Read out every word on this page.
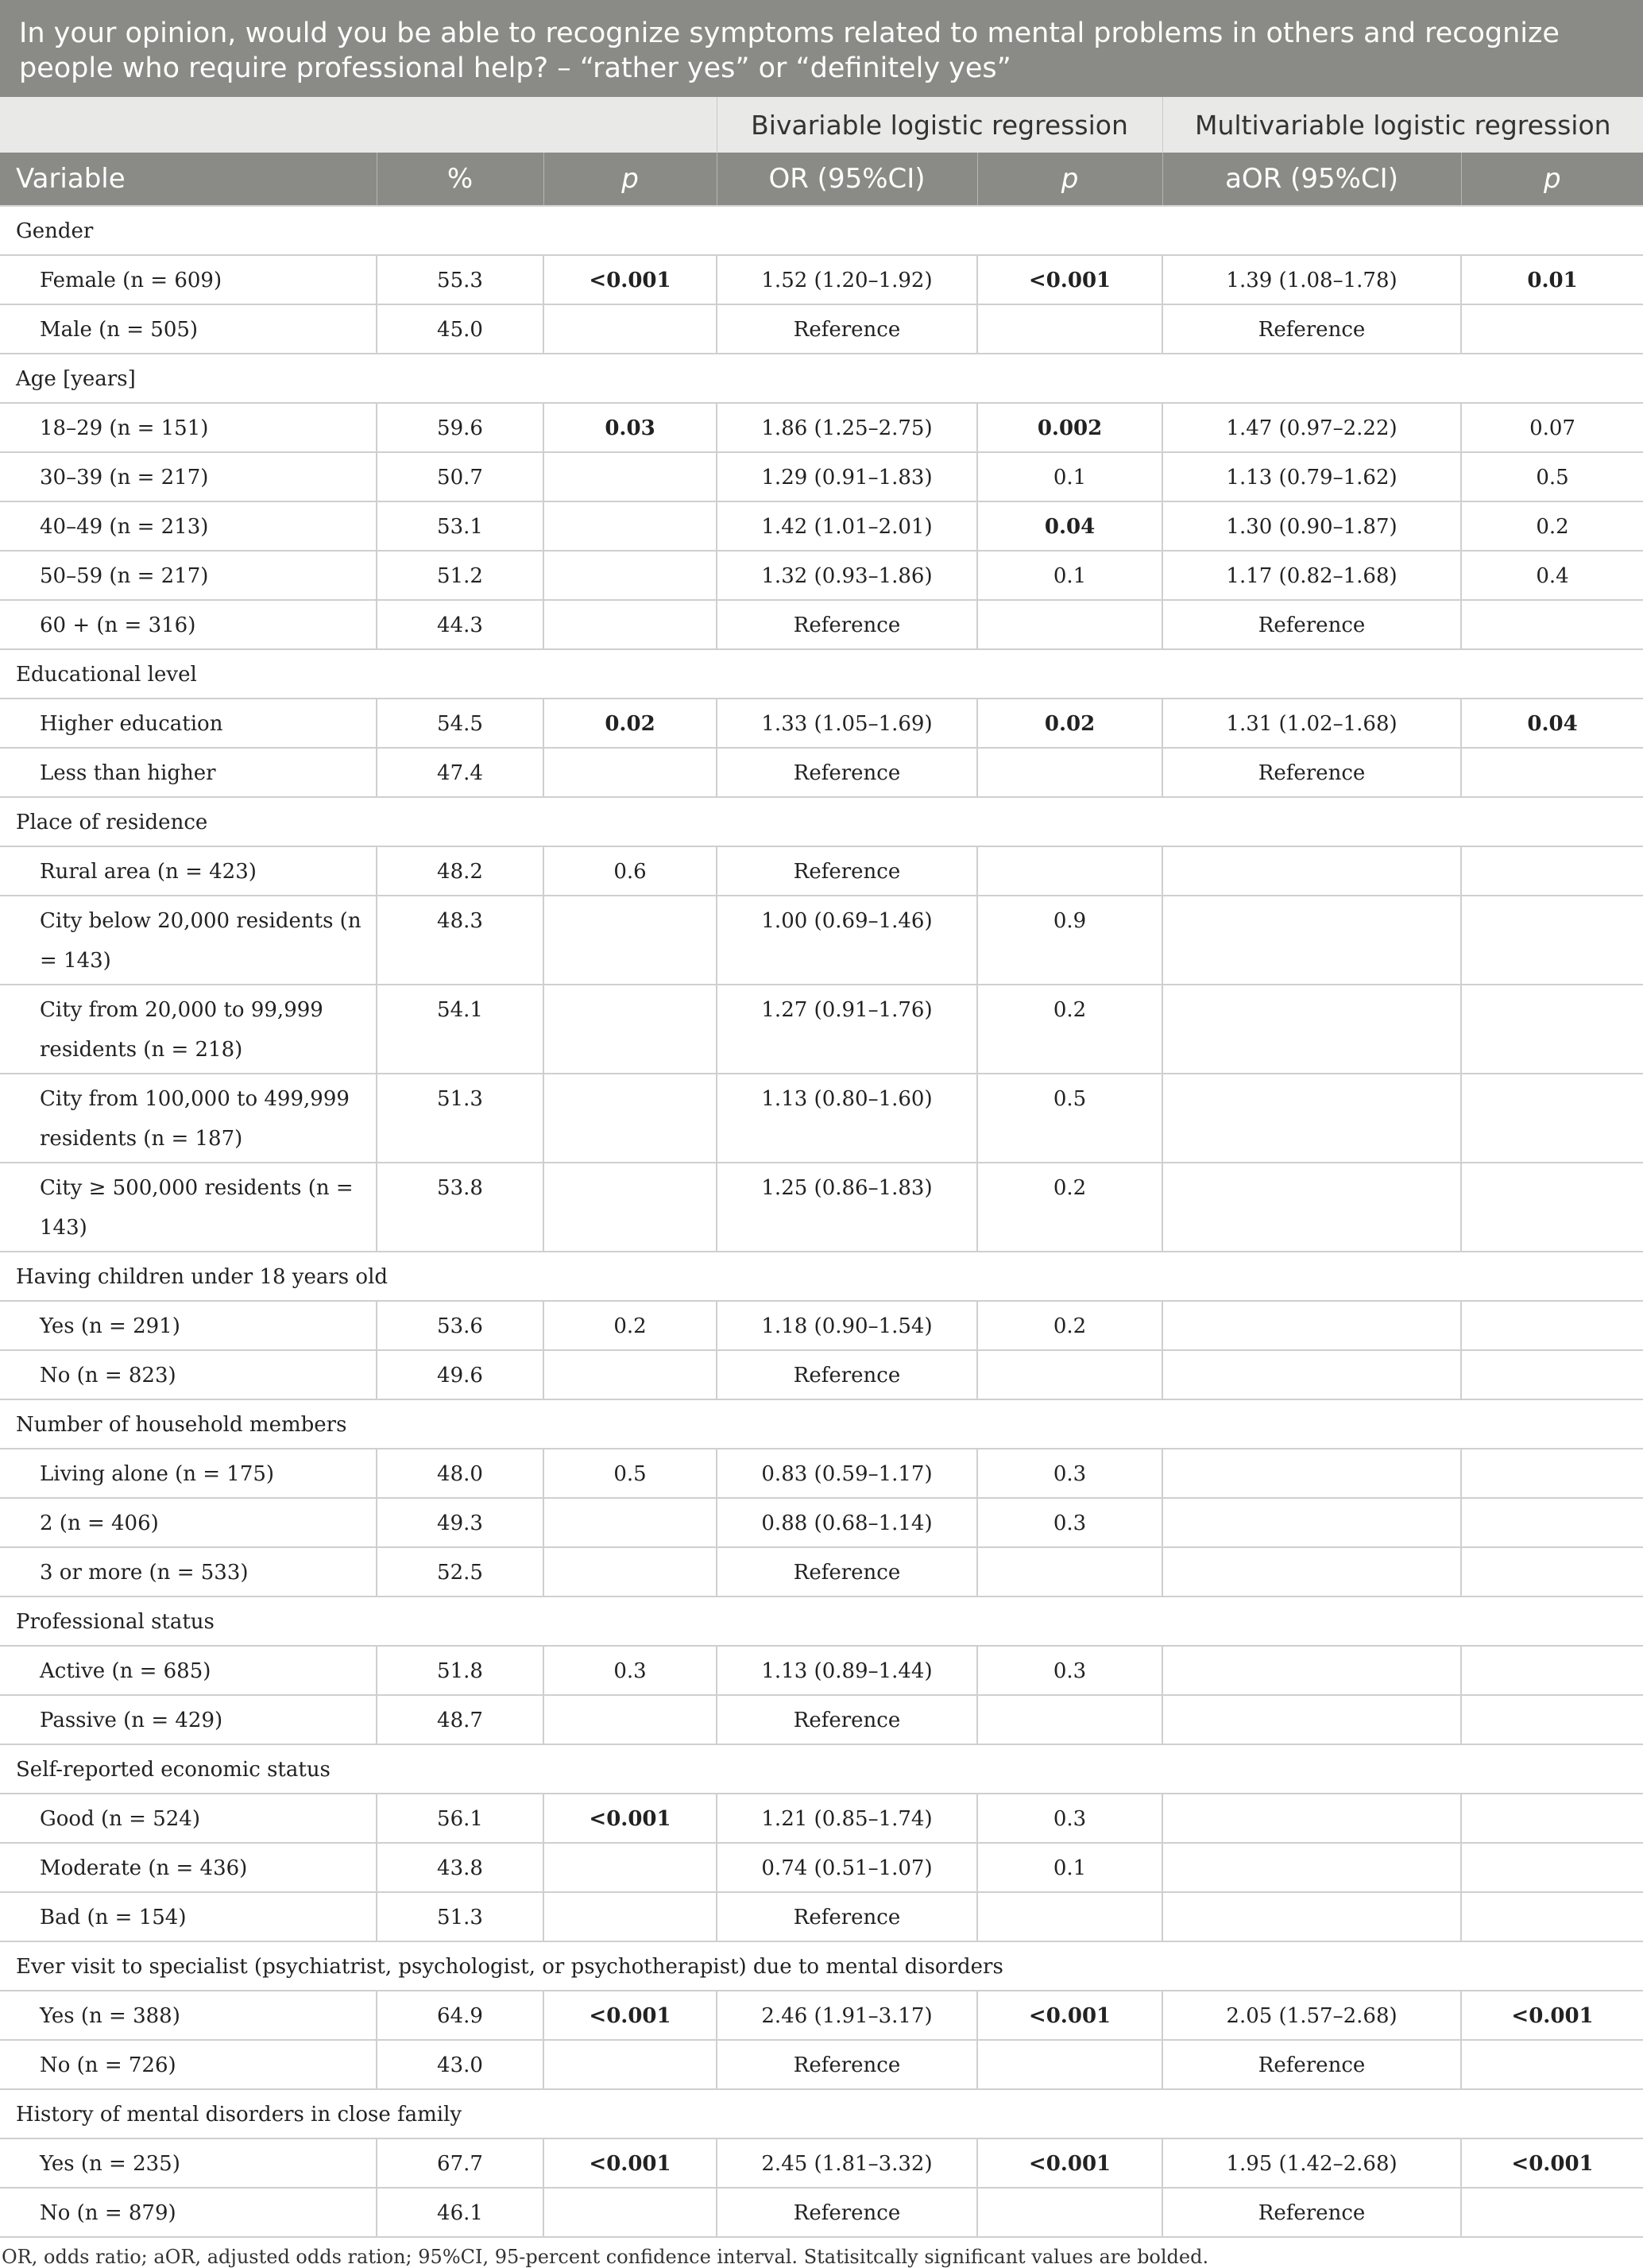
In your opinion, would you be able to recognize symptoms related to mental problems in others and recognize people who require professional help? – “rather yes” or “definitely yes”
			Bivariable logistic regression		Multivariable logistic regression	
Variable	%	p	OR (95%CI)	p	aOR (95%CI)	p
Gender						
Female (n = 609)	55.3	<0.001	1.52 (1.20–1.92)	<0.001	1.39 (1.08–1.78)	0.01
Male (n = 505)	45.0		Reference		Reference	
Age [years]						
18–29 (n = 151)	59.6	0.03	1.86 (1.25–2.75)	0.002	1.47 (0.97–2.22)	0.07
30–39 (n = 217)	50.7		1.29 (0.91–1.83)	0.1	1.13 (0.79–1.62)	0.5
40–49 (n = 213)	53.1		1.42 (1.01–2.01)	0.04	1.30 (0.90–1.87)	0.2
50–59 (n = 217)	51.2		1.32 (0.93–1.86)	0.1	1.17 (0.82–1.68)	0.4
60 + (n = 316)	44.3		Reference		Reference	
Educational level						
Higher education	54.5	0.02	1.33 (1.05–1.69)	0.02	1.31 (1.02–1.68)	0.04
Less than higher	47.4		Reference		Reference	
Place of residence						
Rural area (n = 423)	48.2	0.6	Reference			
City below 20,000 residents (n = 143)	48.3		1.00 (0.69–1.46)	0.9		
City from 20,000 to 99,999 residents (n = 218)	54.1		1.27 (0.91–1.76)	0.2		
City from 100,000 to 499,999 residents (n = 187)	51.3		1.13 (0.80–1.60)	0.5		
City ≥ 500,000 residents (n = 143)	53.8		1.25 (0.86–1.83)	0.2		
Having children under 18 years old						
Yes (n = 291)	53.6	0.2	1.18 (0.90–1.54)	0.2		
No (n = 823)	49.6		Reference			
Number of household members						
Living alone (n = 175)	48.0	0.5	0.83 (0.59–1.17)	0.3		
2 (n = 406)	49.3		0.88 (0.68–1.14)	0.3		
3 or more (n = 533)	52.5		Reference			
Professional status						
Active (n = 685)	51.8	0.3	1.13 (0.89–1.44)	0.3		
Passive (n = 429)	48.7		Reference			
Self-reported economic status						
Good (n = 524)	56.1	<0.001	1.21 (0.85–1.74)	0.3		
Moderate (n = 436)	43.8		0.74 (0.51–1.07)	0.1		
Bad (n = 154)	51.3		Reference			
Ever visit to specialist (psychiatrist, psychologist, or psychotherapist) due to mental disorders						
Yes (n = 388)	64.9	<0.001	2.46 (1.91–3.17)	<0.001	2.05 (1.57–2.68)	<0.001
No (n = 726)	43.0		Reference		Reference	
History of mental disorders in close family						
Yes (n = 235)	67.7	<0.001	2.45 (1.81–3.32)	<0.001	1.95 (1.42–2.68)	<0.001
No (n = 879)	46.1		Reference		Reference	
OR, odds ratio; aOR, adjusted odds ration; 95%CI, 95-percent confidence interval. Statisitcally significant values are bolded.
